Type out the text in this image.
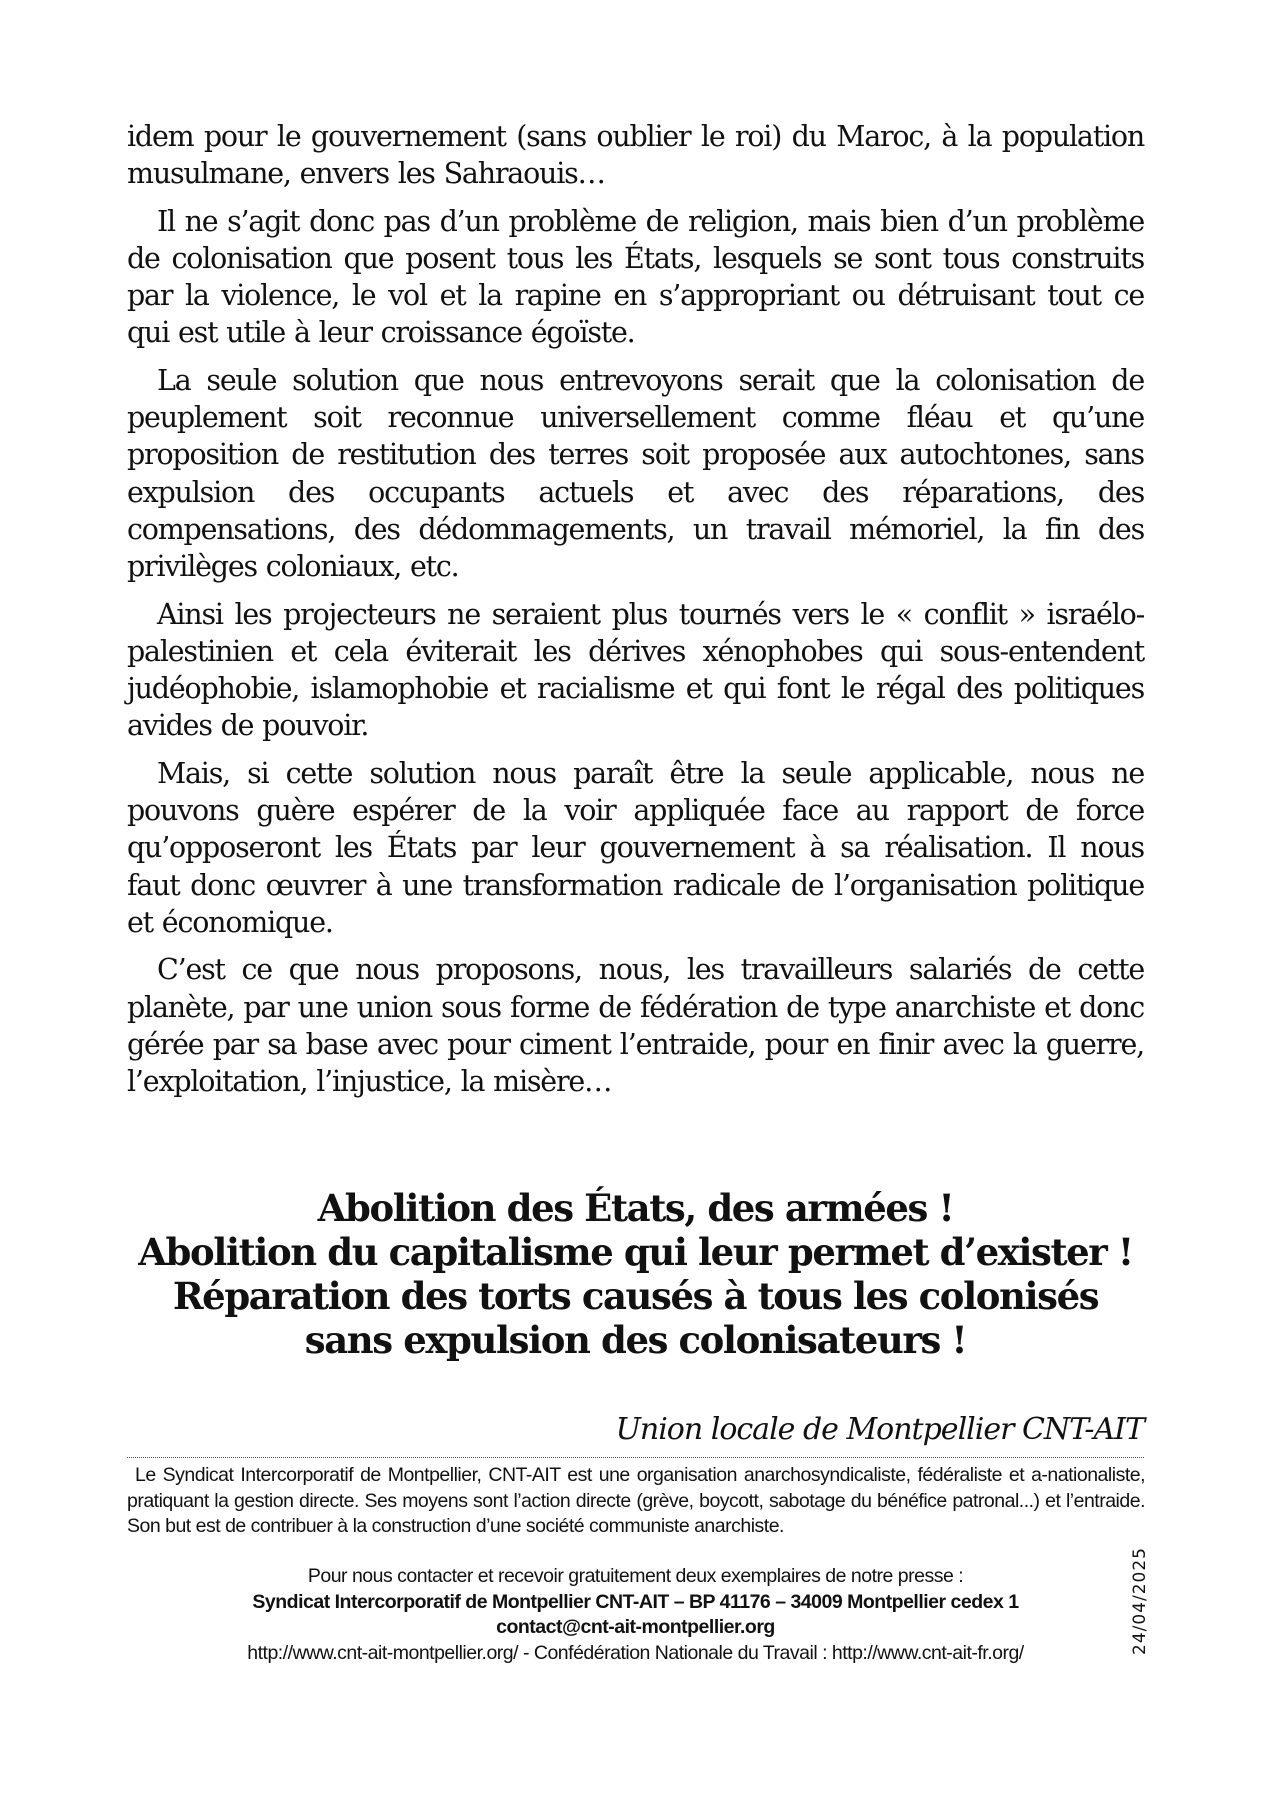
idem pour le gouvernement (sans oublier le roi) du Maroc, à la population musulmane, envers les Sahraouis…

Il ne s’agit donc pas d’un problème de religion, mais bien d’un problème de colonisation que posent tous les États, lesquels se sont tous construits par la violence, le vol et la rapine en s’appropriant ou détruisant tout ce qui est utile à leur croissance égoïste.

La seule solution que nous entrevoyons serait que la colonisation de peuplement soit reconnue universellement comme fléau et qu’une proposition de restitution des terres soit proposée aux autochtones, sans expulsion des occupants actuels et avec des réparations, des compensations, des dédommagements, un travail mémoriel, la fin des privilèges coloniaux, etc.

Ainsi les projecteurs ne seraient plus tournés vers le « conflit » israélo-palestinien et cela éviterait les dérives xénophobes qui sous-entendent judéophobie, islamophobie et racialisme et qui font le régal des politiques avides de pouvoir.

Mais, si cette solution nous paraît être la seule applicable, nous ne pouvons guère espérer de la voir appliquée face au rapport de force qu’opposeront les États par leur gouvernement à sa réalisation. Il nous faut donc œuvrer à une transformation radicale de l’organisation politique et économique.

C’est ce que nous proposons, nous, les travailleurs salariés de cette planète, par une union sous forme de fédération de type anarchiste et donc gérée par sa base avec pour ciment l’entraide, pour en finir avec la guerre, l’exploitation, l’injustice, la misère…

Abolition des États, des armées !
Abolition du capitalisme qui leur permet d’exister !
Réparation des torts causés à tous les colonisés sans expulsion des colonisateurs !
Union locale de Montpellier CNT-AIT
Le Syndicat Intercorporatif de Montpellier, CNT-AIT est une organisation anarchosyndicaliste, fédéraliste et a-nationaliste, pratiquant la gestion directe. Ses moyens sont l’action directe (grève, boycott, sabotage du bénéfice patronal...) et l’entraide. Son but est de contribuer à la construction d’une société communiste anarchiste.
Pour nous contacter et recevoir gratuitement deux exemplaires de notre presse :
Syndicat Intercorporatif de Montpellier CNT-AIT – BP 41176 – 34009 Montpellier cedex 1
contact@cnt-ait-montpellier.org
http://www.cnt-ait-montpellier.org/ - Confédération Nationale du Travail : http://www.cnt-ait-fr.org/	24/04/2025
